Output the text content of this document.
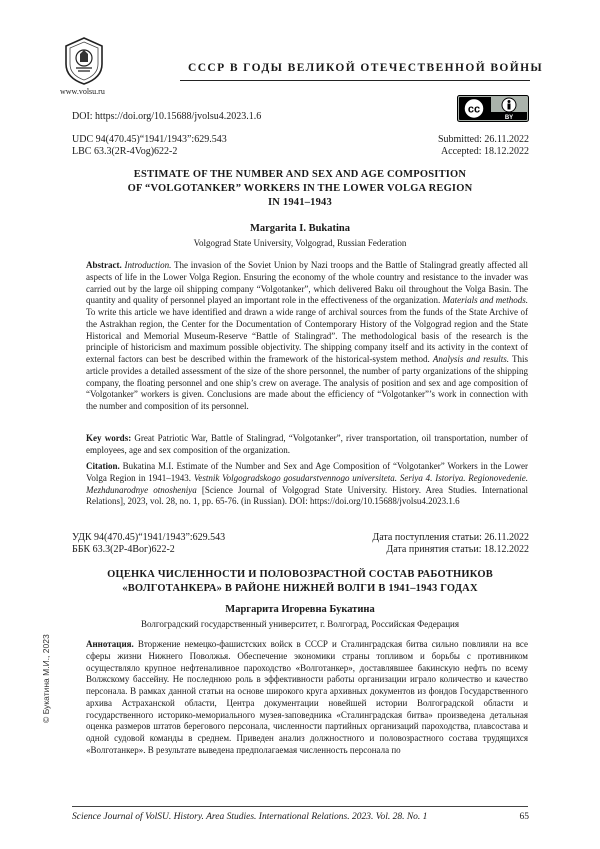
www.volsu.ru
СССР В ГОДЫ ВЕЛИКОЙ ОТЕЧЕСТВЕННОЙ ВОЙНЫ
DOI: https://doi.org/10.15688/jvolsu4.2023.1.6
cc
BY
UDC 94(470.45)“1941/1943”:629.543
LBC 63.3(2R-4Vog)622-2
Submitted: 26.11.2022
Accepted: 18.12.2022
ESTIMATE OF THE NUMBER AND SEX AND AGE COMPOSITION
OF “VOLGOTANKER” WORKERS IN THE LOWER VOLGA REGION
IN 1941–1943
Margarita I. Bukatina
Volgograd State University, Volgograd, Russian Federation
Abstract. Introduction. The invasion of the Soviet Union by Nazi troops and the Battle of Stalingrad greatly affected all aspects of life in the Lower Volga Region. Ensuring the economy of the whole country and resistance to the invader was carried out by the large oil shipping company “Volgotanker”, which delivered Baku oil throughout the Volga Basin. The quantity and quality of personnel played an important role in the effectiveness of the organization. Materials and methods. To write this article we have identified and drawn a wide range of archival sources from the funds of the State Archive of the Astrakhan region, the Center for the Documentation of Contemporary History of the Volgograd region and the State Historical and Memorial Museum-Reserve “Battle of Stalingrad”. The methodological basis of the research is the principle of historicism and maximum possible objectivity. The shipping company itself and its activity in the context of external factors can best be described within the framework of the historical-system method. Analysis and results. This article provides a detailed assessment of the size of the shore personnel, the number of party organizations of the shipping company, the floating personnel and one ship’s crew on average. The analysis of position and sex and age composition of “Volgotanker” workers is given. Conclusions are made about the efficiency of “Volgotanker”’s work in connection with the number and composition of its personnel.
Key words: Great Patriotic War, Battle of Stalingrad, “Volgotanker”, river transportation, oil transportation, number of employees, age and sex composition of the organization.
Citation. Bukatina M.I. Estimate of the Number and Sex and Age Composition of “Volgotanker” Workers in the Lower Volga Region in 1941–1943. Vestnik Volgogradskogo gosudarstvennogo universiteta. Seriya 4. Istoriya. Regionovedenie. Mezhdunarodnye otnosheniya [Science Journal of Volgograd State University. History. Area Studies. International Relations], 2023, vol. 28, no. 1, pp. 65-76. (in Russian). DOI: https://doi.org/10.15688/jvolsu4.2023.1.6
УДК 94(470.45)“1941/1943”:629.543
ББК 63.3(2Р-4Вог)622-2
Дата поступления статьи: 26.11.2022
Дата принятия статьи: 18.12.2022
ОЦЕНКА ЧИСЛЕННОСТИ И ПОЛОВОЗРАСТНОЙ СОСТАВ РАБОТНИКОВ
«ВОЛГОТАНКЕРА» В РАЙОНЕ НИЖНЕЙ ВОЛГИ В 1941–1943 ГОДАХ
Маргарита Игоревна Букатина
Волгоградский государственный университет, г. Волгоград, Российская Федерация
Аннотация. Вторжение немецко-фашистских войск в СССР и Сталинградская битва сильно повлияли на все сферы жизни Нижнего Поволжья. Обеспечение экономики страны топливом и борьбы с противником осуществляло крупное нефтеналивное пароходство «Волготанкер», доставлявшее бакинскую нефть по всему Волжскому бассейну. Не последнюю роль в эффективности работы организации играло количество и качество персонала. В рамках данной статьи на основе широкого круга архивных документов из фондов Государственного архива Астраханской области, Центра документации новейшей истории Волгоградской области и государственного историко-мемориального музея-заповедника «Сталинградская битва» произведена детальная оценка размеров штатов берегового персонала, численности партийных организаций пароходства, плавсостава и одной судовой команды в среднем. Приведен анализ должностного и половозрастного состава трудящихся «Волготанкер». В результате выведена предполагаемая численность персонала по
© Букатина М.И., 2023
Science Journal of VolSU. History. Area Studies. International Relations. 2023. Vol. 28. No. 1	65
